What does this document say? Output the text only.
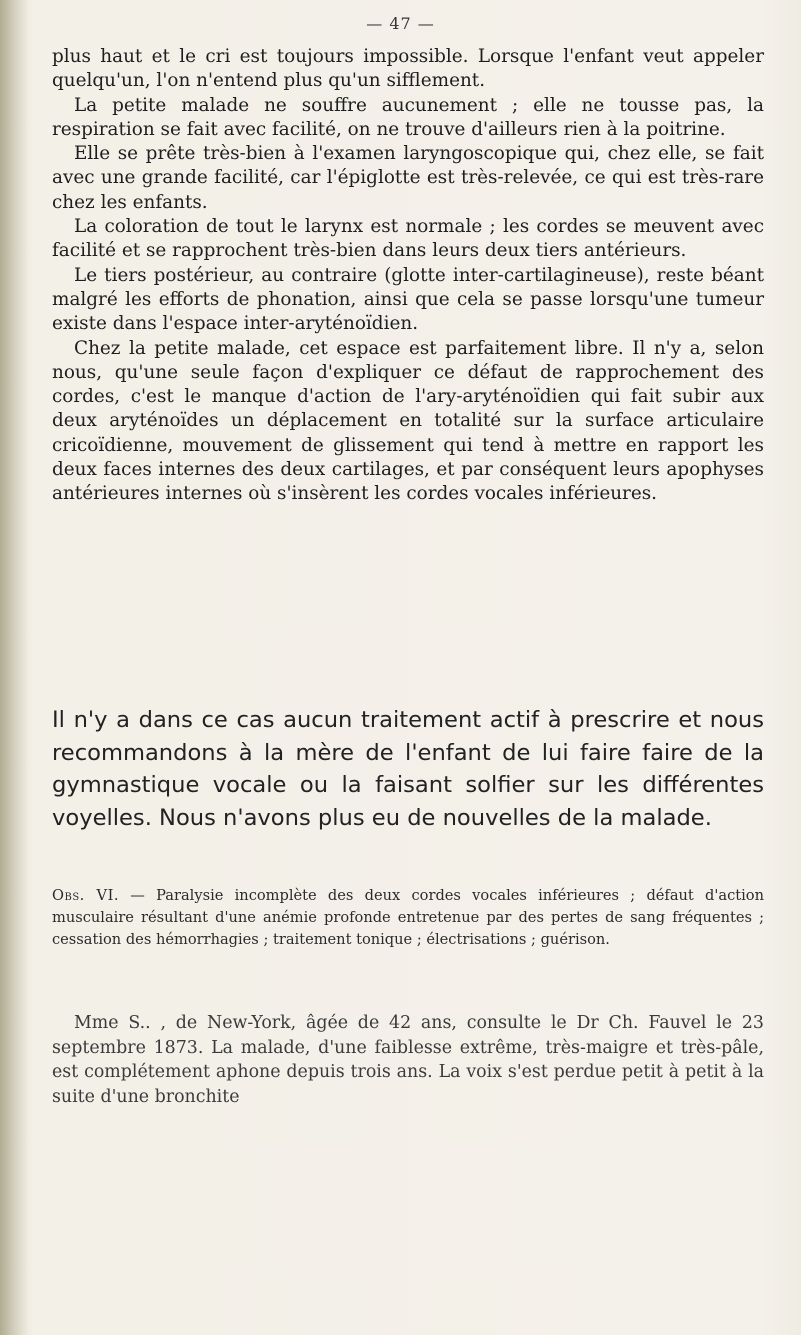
— 47 —

plus haut et le cri est toujours impossible. Lorsque l'enfant veut appeler quelqu'un, l'on n'entend plus qu'un sifflement.

La petite malade ne souffre aucunement ; elle ne tousse pas, la respiration se fait avec facilité, on ne trouve d'ailleurs rien à la poitrine.

Elle se prête très-bien à l'examen laryngoscopique qui, chez elle, se fait avec une grande facilité, car l'épiglotte est très-relevée, ce qui est très-rare chez les enfants.

La coloration de tout le larynx est normale ; les cordes se meuvent avec facilité et se rapprochent très-bien dans leurs deux tiers antérieurs.

Le tiers postérieur, au contraire (glotte inter-cartilagineuse), reste béant malgré les efforts de phonation, ainsi que cela se passe lorsqu'une tumeur existe dans l'espace inter-aryténoïdien.

Chez la petite malade, cet espace est parfaitement libre. Il n'y a, selon nous, qu'une seule façon d'expliquer ce défaut de rapprochement des cordes, c'est le manque d'action de l'ary-aryténoïdien qui fait subir aux deux aryténoïdes un déplacement en totalité sur la surface articulaire cricoïdienne, mouvement de glissement qui tend à mettre en rapport les deux faces internes des deux cartilages, et par conséquent leurs apophyses antérieures internes où s'insèrent les cordes vocales inférieures.

Il n'y a dans ce cas aucun traitement actif à prescrire et nous recommandons à la mère de l'enfant de lui faire faire de la gymnastique vocale ou la faisant solfier sur les différentes voyelles. Nous n'avons plus eu de nouvelles de la malade.

Obs. VI. — Paralysie incomplète des deux cordes vocales inférieures ; défaut d'action musculaire résultant d'une anémie profonde entretenue par des pertes de sang fréquentes ; cessation des hémorrhagies ; traitement tonique ; électrisations ; guérison.

Mme S.. , de New-York, âgée de 42 ans, consulte le Dr Ch. Fauvel le 23 septembre 1873. La malade, d'une faiblesse extrême, très-maigre et très-pâle, est complétement aphone depuis trois ans. La voix s'est perdue petit à petit à la suite d'une bronchite
